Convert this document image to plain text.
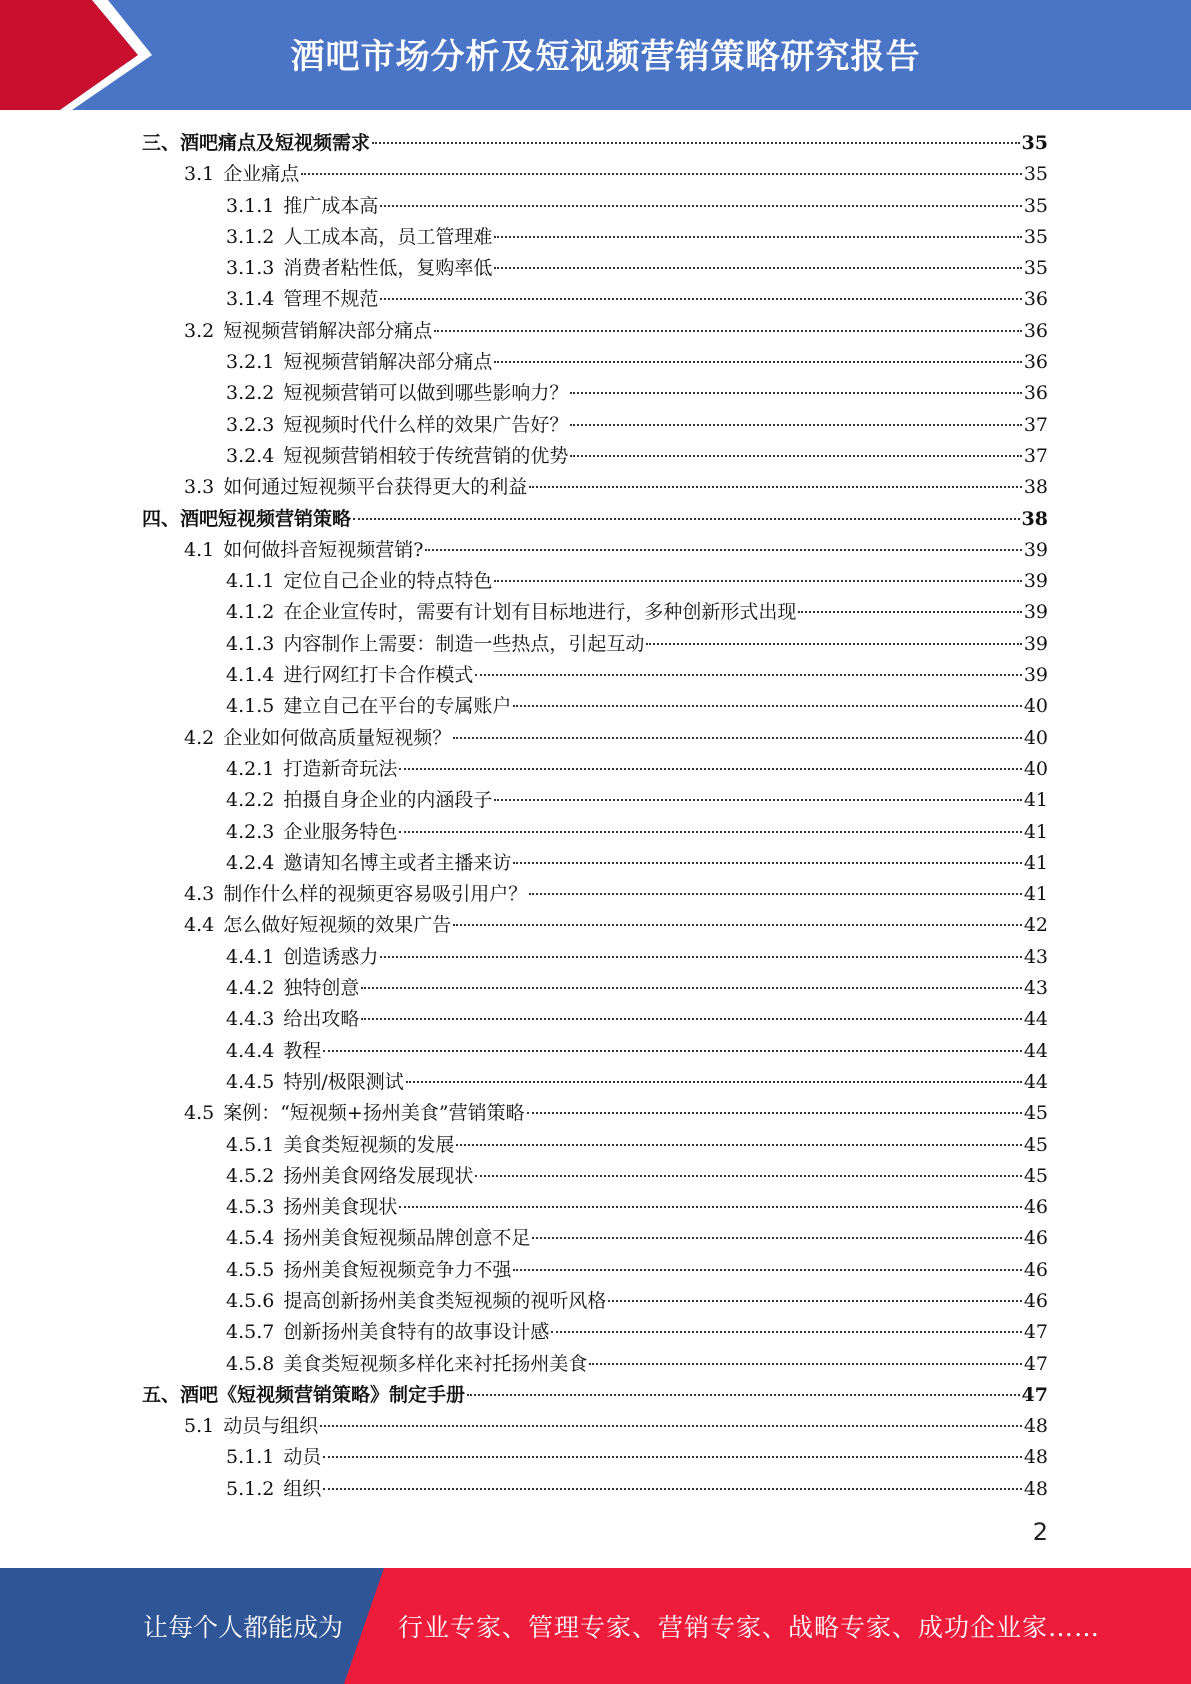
酒吧市场分析及短视频营销策略研究报告
三、酒吧痛点及短视频需求	35
3.1 企业痛点	35
3.1.1 推广成本高	35
3.1.2 人工成本高，员工管理难	35
3.1.3 消费者粘性低，复购率低	35
3.1.4 管理不规范	36
3.2 短视频营销解决部分痛点	36
3.2.1 短视频营销解决部分痛点	36
3.2.2 短视频营销可以做到哪些影响力？	36
3.2.3 短视频时代什么样的效果广告好？	37
3.2.4 短视频营销相较于传统营销的优势	37
3.3 如何通过短视频平台获得更大的利益	38
四、酒吧短视频营销策略	38
4.1 如何做抖音短视频营销?	39
4.1.1 定位自己企业的特点特色	39
4.1.2 在企业宣传时，需要有计划有目标地进行，多种创新形式出现	39
4.1.3 内容制作上需要：制造一些热点，引起互动	39
4.1.4 进行网红打卡合作模式	39
4.1.5 建立自己在平台的专属账户	40
4.2 企业如何做高质量短视频？	40
4.2.1 打造新奇玩法	40
4.2.2 拍摄自身企业的内涵段子	41
4.2.3 企业服务特色	41
4.2.4 邀请知名博主或者主播来访	41
4.3 制作什么样的视频更容易吸引用户？	41
4.4 怎么做好短视频的效果广告	42
4.4.1 创造诱惑力	43
4.4.2 独特创意	43
4.4.3 给出攻略	44
4.4.4 教程	44
4.4.5 特别/极限测试	44
4.5 案例：“短视频+扬州美食”营销策略	45
4.5.1 美食类短视频的发展	45
4.5.2 扬州美食网络发展现状	45
4.5.3 扬州美食现状	46
4.5.4 扬州美食短视频品牌创意不足	46
4.5.5 扬州美食短视频竞争力不强	46
4.5.6 提高创新扬州美食类短视频的视听风格	46
4.5.7 创新扬州美食特有的故事设计感	47
4.5.8 美食类短视频多样化来衬托扬州美食	47
五、酒吧《短视频营销策略》制定手册	47
5.1 动员与组织	48
5.1.1 动员	48
5.1.2 组织	48
2
让每个人都能成为 行业专家、管理专家、营销专家、战略专家、成功企业家……
